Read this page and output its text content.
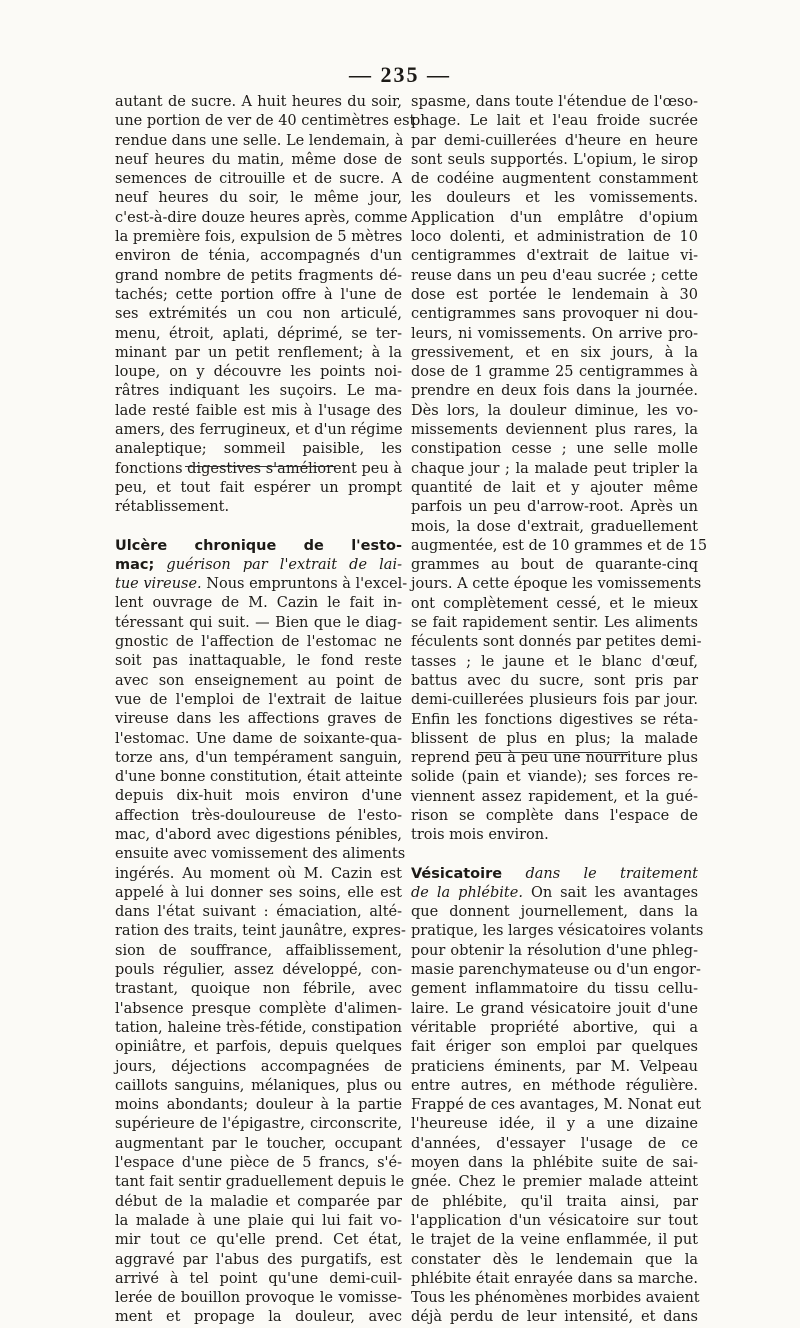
— 235 —

autant de sucre. A huit heures du soir,
une portion de ver de 40 centimètres est
rendue dans une selle. Le lendemain, à
neuf heures du matin, même dose de
semences de citrouille et de sucre. A
neuf heures du soir, le même jour,
c'est-à-dire douze heures après, comme
la première fois, expulsion de 5 mètres
environ de ténia, accompagnés d'un
grand nombre de petits fragments dé-
tachés; cette portion offre à l'une de
ses extrémités un cou non articulé,
menu, étroit, aplati, déprimé, se ter-
minant par un petit renflement; à la
loupe, on y découvre les points noi-
râtres indiquant les suçoirs. Le ma-
lade resté faible est mis à l'usage des
amers, des ferrugineux, et d'un régime
analeptique; sommeil paisible, les
fonctions digestives s'améliorent peu à
peu, et tout fait espérer un prompt
rétablissement.

Ulcère chronique de l'esto-
mac; guérison par l'extrait de lai-
tue vireuse. Nous empruntons à l'excel-

lent ouvrage de M. Cazin le fait in-
téressant qui suit. — Bien que le diag-
gnostic de l'affection de l'estomac ne
soit pas inattaquable, le fond reste
avec son enseignement au point de
vue de l'emploi de l'extrait de laitue
vireuse dans les affections graves de
l'estomac. Une dame de soixante-qua-
torze ans, d'un tempérament sanguin,
d'une bonne constitution, était atteinte
depuis dix-huit mois environ d'une
affection très-douloureuse de l'esto-
mac, d'abord avec digestions pénibles,
ensuite avec vomissement des aliments
ingérés. Au moment où M. Cazin est
appelé à lui donner ses soins, elle est
dans l'état suivant : émaciation, alté-
ration des traits, teint jaunâtre, expres-
sion de souffrance, affaiblissement,
pouls régulier, assez développé, con-
trastant, quoique non fébrile, avec
l'absence presque complète d'alimen-
tation, haleine très-fétide, constipation
opiniâtre, et parfois, depuis quelques
jours, déjections accompagnées de
caillots sanguins, mélaniques, plus ou
moins abondants; douleur à la partie
supérieure de l'épigastre, circonscrite,
augmentant par le toucher, occupant
l'espace d'une pièce de 5 francs, s'é-
tant fait sentir graduellement depuis le
début de la maladie et comparée par
la malade à une plaie qui lui fait vo-
mir tout ce qu'elle prend. Cet état,
aggravé par l'abus des purgatifs, est
arrivé à tel point qu'une demi-cuil-
lerée de bouillon provoque le vomisse-
ment et propage la douleur, avec

spasme, dans toute l'étendue de l'œso-
phage. Le lait et l'eau froide sucrée
par demi-cuillerées d'heure en heure
sont seuls supportés. L'opium, le sirop
de codéine augmentent constamment
les douleurs et les vomissements.
Application d'un emplâtre d'opium
loco dolenti, et administration de 10
centigrammes d'extrait de laitue vi-
reuse dans un peu d'eau sucrée ; cette
dose est portée le lendemain à 30
centigrammes sans provoquer ni dou-
leurs, ni vomissements. On arrive pro-
gressivement, et en six jours, à la
dose de 1 gramme 25 centigrammes à
prendre en deux fois dans la journée.
Dès lors, la douleur diminue, les vo-
missements deviennent plus rares, la
constipation cesse ; une selle molle
chaque jour ; la malade peut tripler la
quantité de lait et y ajouter même
parfois un peu d'arrow-root. Après un
mois, la dose d'extrait, graduellement
augmentée, est de 10 grammes et de 15
grammes au bout de quarante-cinq
jours. A cette époque les vomissements
ont complètement cessé, et le mieux
se fait rapidement sentir. Les aliments
féculents sont donnés par petites demi-
tasses ; le jaune et le blanc d'œuf,
battus avec du sucre, sont pris par
demi-cuillerées plusieurs fois par jour.
Enfin les fonctions digestives se réta-
blissent de plus en plus; la malade
reprend peu à peu une nourriture plus
solide (pain et viande); ses forces re-
viennent assez rapidement, et la gué-
rison se complète dans l'espace de
trois mois environ.

Vésicatoire dans le traitement
de la phlébite. On sait les avantages

que donnent journellement, dans la
pratique, les larges vésicatoires volants
pour obtenir la résolution d'une phleg-
masie parenchymateuse ou d'un engor-
gement inflammatoire du tissu cellu-
laire. Le grand vésicatoire jouit d'une
véritable propriété abortive, qui a
fait ériger son emploi par quelques
praticiens éminents, par M. Velpeau
entre autres, en méthode régulière.
Frappé de ces avantages, M. Nonat eut
l'heureuse idée, il y a une dizaine
d'années, d'essayer l'usage de ce
moyen dans la phlébite suite de sai-
gnée. Chez le premier malade atteint
de phlébite, qu'il traita ainsi, par
l'application d'un vésicatoire sur tout
le trajet de la veine enflammée, il put
constater dès le lendemain que la
phlébite était enrayée dans sa marche.
Tous les phénomènes morbides avaient
déjà perdu de leur intensité, et dans
